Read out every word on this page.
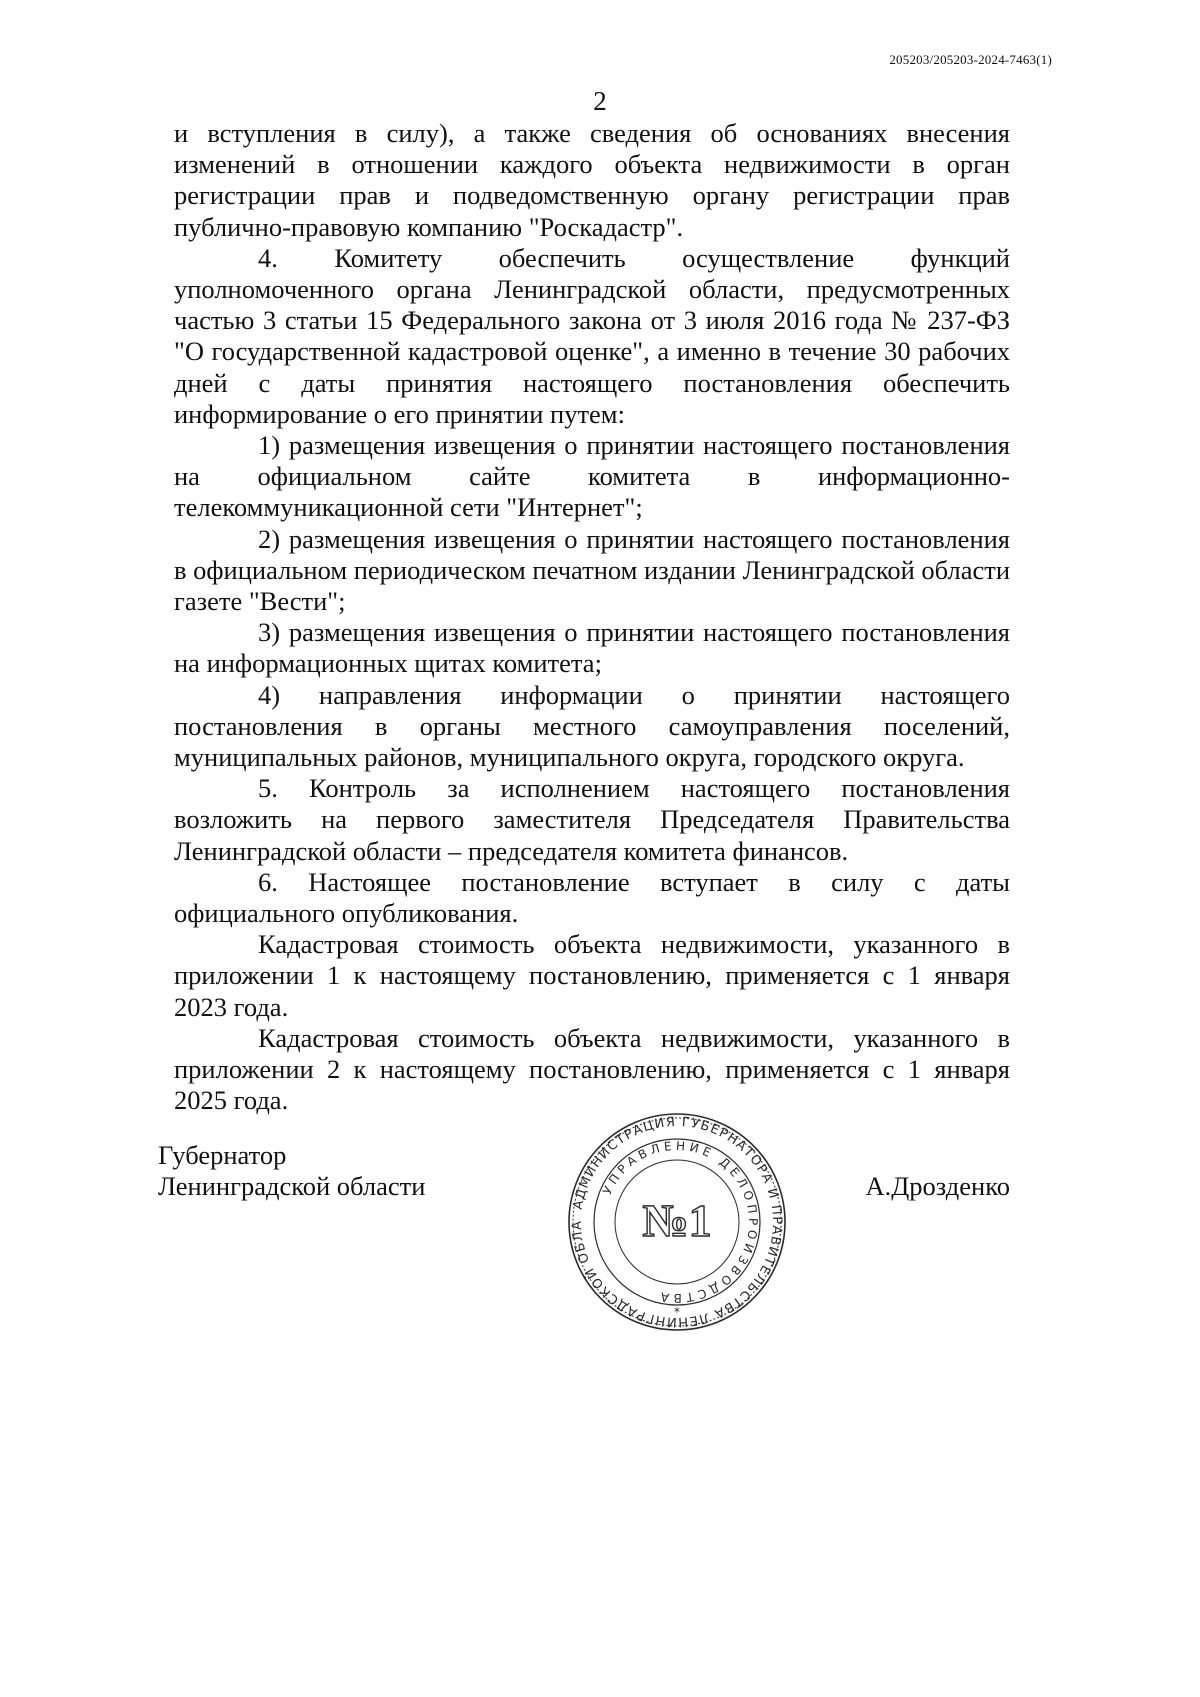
205203/205203-2024-7463(1)
2

и вступления в силу), а также сведения об основаниях внесения изменений в отношении каждого объекта недвижимости в орган регистрации прав и подведомственную органу регистрации прав публично-правовую компанию "Роскадастр".

4. Комитету обеспечить осуществление функций уполномоченного органа Ленинградской области, предусмотренных частью 3 статьи 15 Федерального закона от 3 июля 2016 года № 237-ФЗ "О государственной кадастровой оценке", а именно в течение 30 рабочих дней с даты принятия настоящего постановления обеспечить информирование о его принятии путем:

1) размещения извещения о принятии настоящего постановления на официальном сайте комитета в информационно-телекоммуникационной сети "Интернет";

2) размещения извещения о принятии настоящего постановления в официальном периодическом печатном издании Ленинградской области газете "Вести";

3) размещения извещения о принятии настоящего постановления на информационных щитах комитета;

4) направления информации о принятии настоящего постановления в органы местного самоуправления поселений, муниципальных районов, муниципального округа, городского округа.

5. Контроль за исполнением настоящего постановления возложить на первого заместителя Председателя Правительства Ленинградской области – председателя комитета финансов.

6. Настоящее постановление вступает в силу с даты официального опубликования.

Кадастровая стоимость объекта недвижимости, указанного в приложении 1 к настоящему постановлению, применяется с 1 января 2023 года.

Кадастровая стоимость объекта недвижимости, указанного в приложении 2 к настоящему постановлению, применяется с 1 января 2025 года.

Губернатор
Ленинградской области	А.Дрозденко
АДМИНИСТРАЦИЯ ГУБЕРНАТОРА И ПРАВИТЕЛЬСТВА ЛЕНИНГРАДСКОЙ ОБЛА
УПРАВЛЕНИЕ ДЕЛОПРОИЗВОДСТВА
№1
*
